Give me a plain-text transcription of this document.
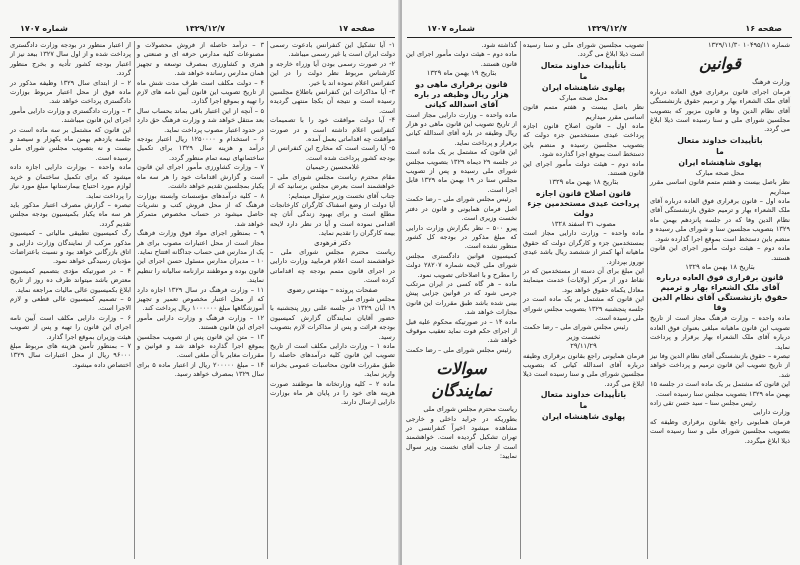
صفحه ۱۷
۱۳۲۹/۱۲/۷
شماره ۱۷۰۷

۱- آیا تشکیل این کنفرانس بادعوت رسمی دولت ایران است یا غیر رسمی میباشد.

۲- در صورت رسمی بودن آیا وزراء خارجه و کارشناس مربوط نظر دولت را در این کنفرانس اعلام نموده اند یا خیر.

۳- آیا مذاکرات این کنفرانس باطلاع مجلسین رسیده است و نتیجه آن بکجا منتهی گردیده است.

۴- آیا دولت موافقت خود را با تصمیمات کنفرانس اعلام داشته است و در صورت موافقت چه اقداماتی بعمل آمده.

۵- آیا راست است که مخارج این کنفرانس از بودجه کشور پرداخت شده است.

غلامحسین رحیمیان

مقام محترم ریاست مجلس شورای ملی – خواهشمند است بعرض مجلس برسانید که از جناب آقای نخست وزیر سئوال مینمایم:

آیا دولت از وضع اسفناک کارگران کارخانجات مطلع است و برای بهبود زندگی آنان چه اقدامی نموده است و آیا در نظر دارد لایحه بیمه کارگران را تقدیم نماید.

دکتر فرهودی

ریاست محترم مجلس شورای ملی – خواهشمند است اعلام فرمایید وزارت دارایی در اجرای قانون متمم بودجه چه اقداماتی کرده است.

صفحات پرونده – مهندس رضوی

مجلس شورای ملی

۱۹ آبان ۱۳۲۹ در جلسه علنی روز پنجشنبه با حضور آقایان نمایندگان گزارش کمیسیون بودجه قرائت و پس از مذاکرات لازم بتصویب رسید.

ماده ۱ – وزارت دارایی مکلف است از تاریخ تصویب این قانون کلیه درآمدهای حاصله را طبق مقررات قانون محاسبات عمومی بخزانه واریز نماید.

ماده ۲ – کلیه وزارتخانه ها موظفند صورت هزینه های خود را در پایان هر ماه بوزارت دارایی ارسال دارند.

۳ – درآمد حاصله از فروش محصولات و مصنوعات کلیه مدارس حرفه ای و صنعتی و هنری و کشاورزی بمصرف توسعه و تجهیز همان مدارس رسانده خواهد شد.

۴ – دولت مکلف است ظرف مدت شش ماه از تاریخ تصویب این قانون آیین نامه های لازم را تهیه و بموقع اجرا گذارد.

۵ – آنچه از این اعتبار باقی بماند بحساب سال بعد منتقل خواهد شد و وزارت فرهنگ حق دارد در حدود اعتبار مصوب پرداخت نماید.

۶ – استخدام و ۱۲۵۰۰۰۰ ریال اعتبار بودجه درآمد و هزینه سال ۱۳۲۹ برای تکمیل ساختمانهای نیمه تمام منظور گردد.

۷ – وزارت کشاورزی مأمور اجرای این قانون است و گزارش اقدامات خود را هر سه ماه یکبار بمجلسین تقدیم خواهد داشت.

۸ – کلیه درآمدهای مؤسسات وابسته بوزارت فرهنگ که از محل فروش کتب و نشریات حاصل میشود در حساب مخصوص متمرکز خواهد شد.

۹ – بمنظور اجرای مواد فوق وزارت فرهنگ مجاز است از محل اعتبارات مصوب برای هر یک از مدارس فنی حساب جداگانه افتتاح نماید.

۱۰ – مدیران مدارس مسئول حسن اجرای این قانون بوده و موظفند ترازنامه سالیانه را تنظیم نمایند.

۱۱ – وزارت فرهنگ در سال ۱۳۲۹ اجازه دارد که از محل اعتبار مخصوص تعمیر و تجهیز آموزشگاهها مبلغ ۱۰۰۰۰۰۰ ریال پرداخت کند.

۱۲ – وزارت فرهنگ و وزارت دارایی مأمور اجرای این قانون هستند.

۱۳ – متن این قانون پس از تصویب مجلسین بموقع اجرا گذارده خواهد شد و قوانین و مقررات مغایر با آن ملغی است.

۱۴ – مبلغ ۲۰۰۰۰۰ ریال از اعتبار ماده ۵ برای سال ۱۳۲۹ بمصرف خواهد رسید.

از اعتبار منظور در بودجه وزارت دادگستری پرداخت شده و از اول سال ۱۳۲۷ ببعد نیز از اعتبار بودجه کشور تأدیه و بخرج منظور گردد.

۲ – از ابتدای سال ۱۳۲۹ وظیفه مذکور در ماده فوق از محل اعتبار مربوط بوزارت دادگستری پرداخت خواهد شد.

۳ – وزارت دادگستری و وزارت دارایی مأمور اجرای این قانون میباشند.

این قانون که مشتمل بر سه ماده است در جلسه یازدهم بهمن ماه یکهزار و سیصد و بیست و نه بتصویب مجلس شورای ملی رسیده است.

ماده واحده – بوزارت دارایی اجازه داده میشود که برای تکمیل ساختمان و خرید لوازم مورد احتیاج بیمارستانها مبلغ مورد نیاز را پرداخت نماید.

تبصره – گزارش مصرف اعتبار مذکور باید هر سه ماه یکبار بکمیسیون بودجه مجلس تقدیم گردد.

رگ کمیسیون تطبیقی مالیاتی – کمیسیون مذکور مرکب از نمایندگان وزارت دارایی و اتاق بازرگانی خواهد بود و نسبت باعتراضات مؤدیان رسیدگی خواهد نمود.

۴ – در صورتیکه مؤدی بتصمیم کمیسیون معترض باشد میتواند ظرف ده روز از تاریخ ابلاغ بکمیسیون عالی مالیات مراجعه نماید.

۵ – تصمیم کمیسیون عالی قطعی و لازم الاجرا است.

۶ – وزارت دارایی مکلف است آیین نامه اجرای این قانون را تهیه و پس از تصویب هیئت وزیران بموقع اجرا گذارد.

۷ – بمنظور تأمین هزینه های مربوط مبلغ ۹۶۰۰۰ ریال از محل اعتبارات سال ۱۳۲۹ اختصاص داده میشود.

صفحه ۱۶
۱۳۲۹/۱۲/۷
شماره ۱۷۰۷

شماره ۱۰۴۹۵/۱۱ ۱۳۲۹/۱۱/۳۰

قوانین

وزارت فرهنگ

فرمان اجرای قانون برقراری فوق العاده درباره آقای ملک الشعراء بهار و ترمیم حقوق بازنشستگی آقای نظام الدین وفا و قانون مزبور که بتصویب مجلسین شورای ملی و سنا رسیده است ذیلا ابلاغ می گردد.

باتأییدات خداوند متعال

ما

پهلوی شاهنشاه ایران

محل صحه مبارک

نظر باصل بیست و هفتم متمم قانون اساسی مقرر میداریم

ماده اول – قانون برقراری فوق العاده درباره آقای ملک الشعراء بهار و ترمیم حقوق بازنشستگی آقای نظام الدین وفا که در جلسه پانزدهم بهمن ماه ۱۳۲۹ بتصویب مجلسین سنا و شورای ملی رسیده و منضم باین دستخط است بموقع اجرا گذارده شود.

ماده دوم – هیئت دولت مأمور اجرای این قانون هستند.

بتاریخ ۱۸ بهمن ماه ۱۳۲۹

قانون برقراری فوق العاده درباره آقای ملک الشعراء بهار و ترمیم حقوق بازنشستگی آقای نظام الدین وفا

ماده واحده – وزارت فرهنگ مجاز است از تاریخ تصویب این قانون ماهیانه مبلغی بعنوان فوق العاده درباره آقای ملک الشعراء بهار برقرار و پرداخت نماید.

تبصره – حقوق بازنشستگی آقای نظام الدین وفا نیز از تاریخ تصویب این قانون ترمیم و پرداخت خواهد شد.

این قانون که مشتمل بر یک ماده است در جلسه ۱۵ بهمن ماه ۱۳۲۹ بتصویب مجلس سنا رسیده است.

رئیس مجلس سنا – سید حسن تقی زاده

وزارت دارایی

فرمان همایونی راجع بقانون برقراری وظیفه که بتصویب مجلسین شورای ملی و سنا رسیده است ذیلا ابلاغ میگردد.

تصویب مجلسین شورای ملی و سنا رسیده است ذیلا ابلاغ می گردد.

باتأییدات خداوند متعال

ما

پهلوی شاهنشاه ایران

محل صحه مبارک

نظر باصل بیست و هفتم متمم قانون اساسی مقرر میداریم

ماده اول – قانون اصلاح قانون اجازه پرداخت عیدی مستخدمین جزء دولت که بتصویب مجلسین رسیده و منضم باین دستخط است بموقع اجرا گذارده شود.

ماده دوم – هیئت دولت مأمور اجرای این قانون هستند.

بتاریخ ۱۸ بهمن ماه ۱۳۲۹

قانون اصلاح قانون اجازه پرداخت عیدی مستخدمین جزء دولت

مصوب ۳۱ اسفند ۱۳۲۸

ماده واحده – وزارت دارایی مجاز است بمستخدمین جزء و کارگران دولت که حقوق ماهیانه آنها کمتر از ششصد ریال باشد عیدی نوروز بپردازد.

این مبلغ برای آن دسته از مستخدمین که در نقاط دور از مرکز (ولایات) خدمت مینمایند معادل یکماه حقوق خواهد بود.

این قانون که مشتمل بر یک ماده است در جلسه پنجشنبه ۱۳۲۹ بتصویب مجلس شورای ملی رسیده است.

رئیس مجلس شورای ملی – رضا حکمت

نخست وزیر

۲۹/۱۱/۲۹

فرمان همایونی راجع بقانون برقراری وظیفه درباره آقای اسدالله کیانی که بتصویب مجلسین شورای ملی و سنا رسیده است ذیلا ابلاغ می گردد.

باتأییدات خداوند متعال

ما

پهلوی شاهنشاه ایران

گذاشته شود.

ماده دوم – هیئت دولت مأمور اجرای این قانون هستند.

بتاریخ ۱۹ بهمن ماه ۱۳۲۹

قانون برقراری ماهی دو هزار ریال وظیفه در باره آقای اسدالله کیانی

ماده واحده – وزارت دارایی مجاز است از تاریخ تصویب این قانون ماهی دو هزار ریال وظیفه در باره آقای اسدالله کیانی برقرار و پرداخت نماید.

این قانون که مشتمل بر یک ماده است در جلسه ۲۹ دیماه ۱۳۲۹ بتصویب مجلس شورای ملی رسیده و پس از تصویب مجلس سنا در ۱۹ بهمن ماه ۱۳۲۹ قابل اجرا است.

رئیس مجلس شورای ملی – رضا حکمت

اصل فرمان همایونی و قانون در دفتر نخست وزیری است.

پیرو ۵۰۰ – نظر بگزارش وزارت دارایی که مبلغ مذکور در بودجه کل کشور منظور نشده است.

کمیسیون قوانین دادگستری مجلس شورای ملی لایحه شماره ۲۸۲۰۷ دولت را مطرح و با اصلاحاتی تصویب نمود.

ماده – هر گاه کسی در ایران مرتکب جرمی شود که در قوانین جزایی پیش بینی شده باشد طبق مقررات این قانون مجازات خواهد شد.

ماده ۱۴ – در صورتیکه محکوم علیه قبل از اجرای حکم فوت نماید تعقیب موقوف خواهد شد.

رئیس مجلس شورای ملی – رضا حکمت

سوالات نمایندگان

ریاست محترم مجلس شورای ملی

بطوریکه در جراید داخلی و خارجی مشاهده میشود اخیراً کنفرانسی در تهران تشکیل گردیده است. خواهشمند است از جناب آقای نخست وزیر سوال نمایید:
